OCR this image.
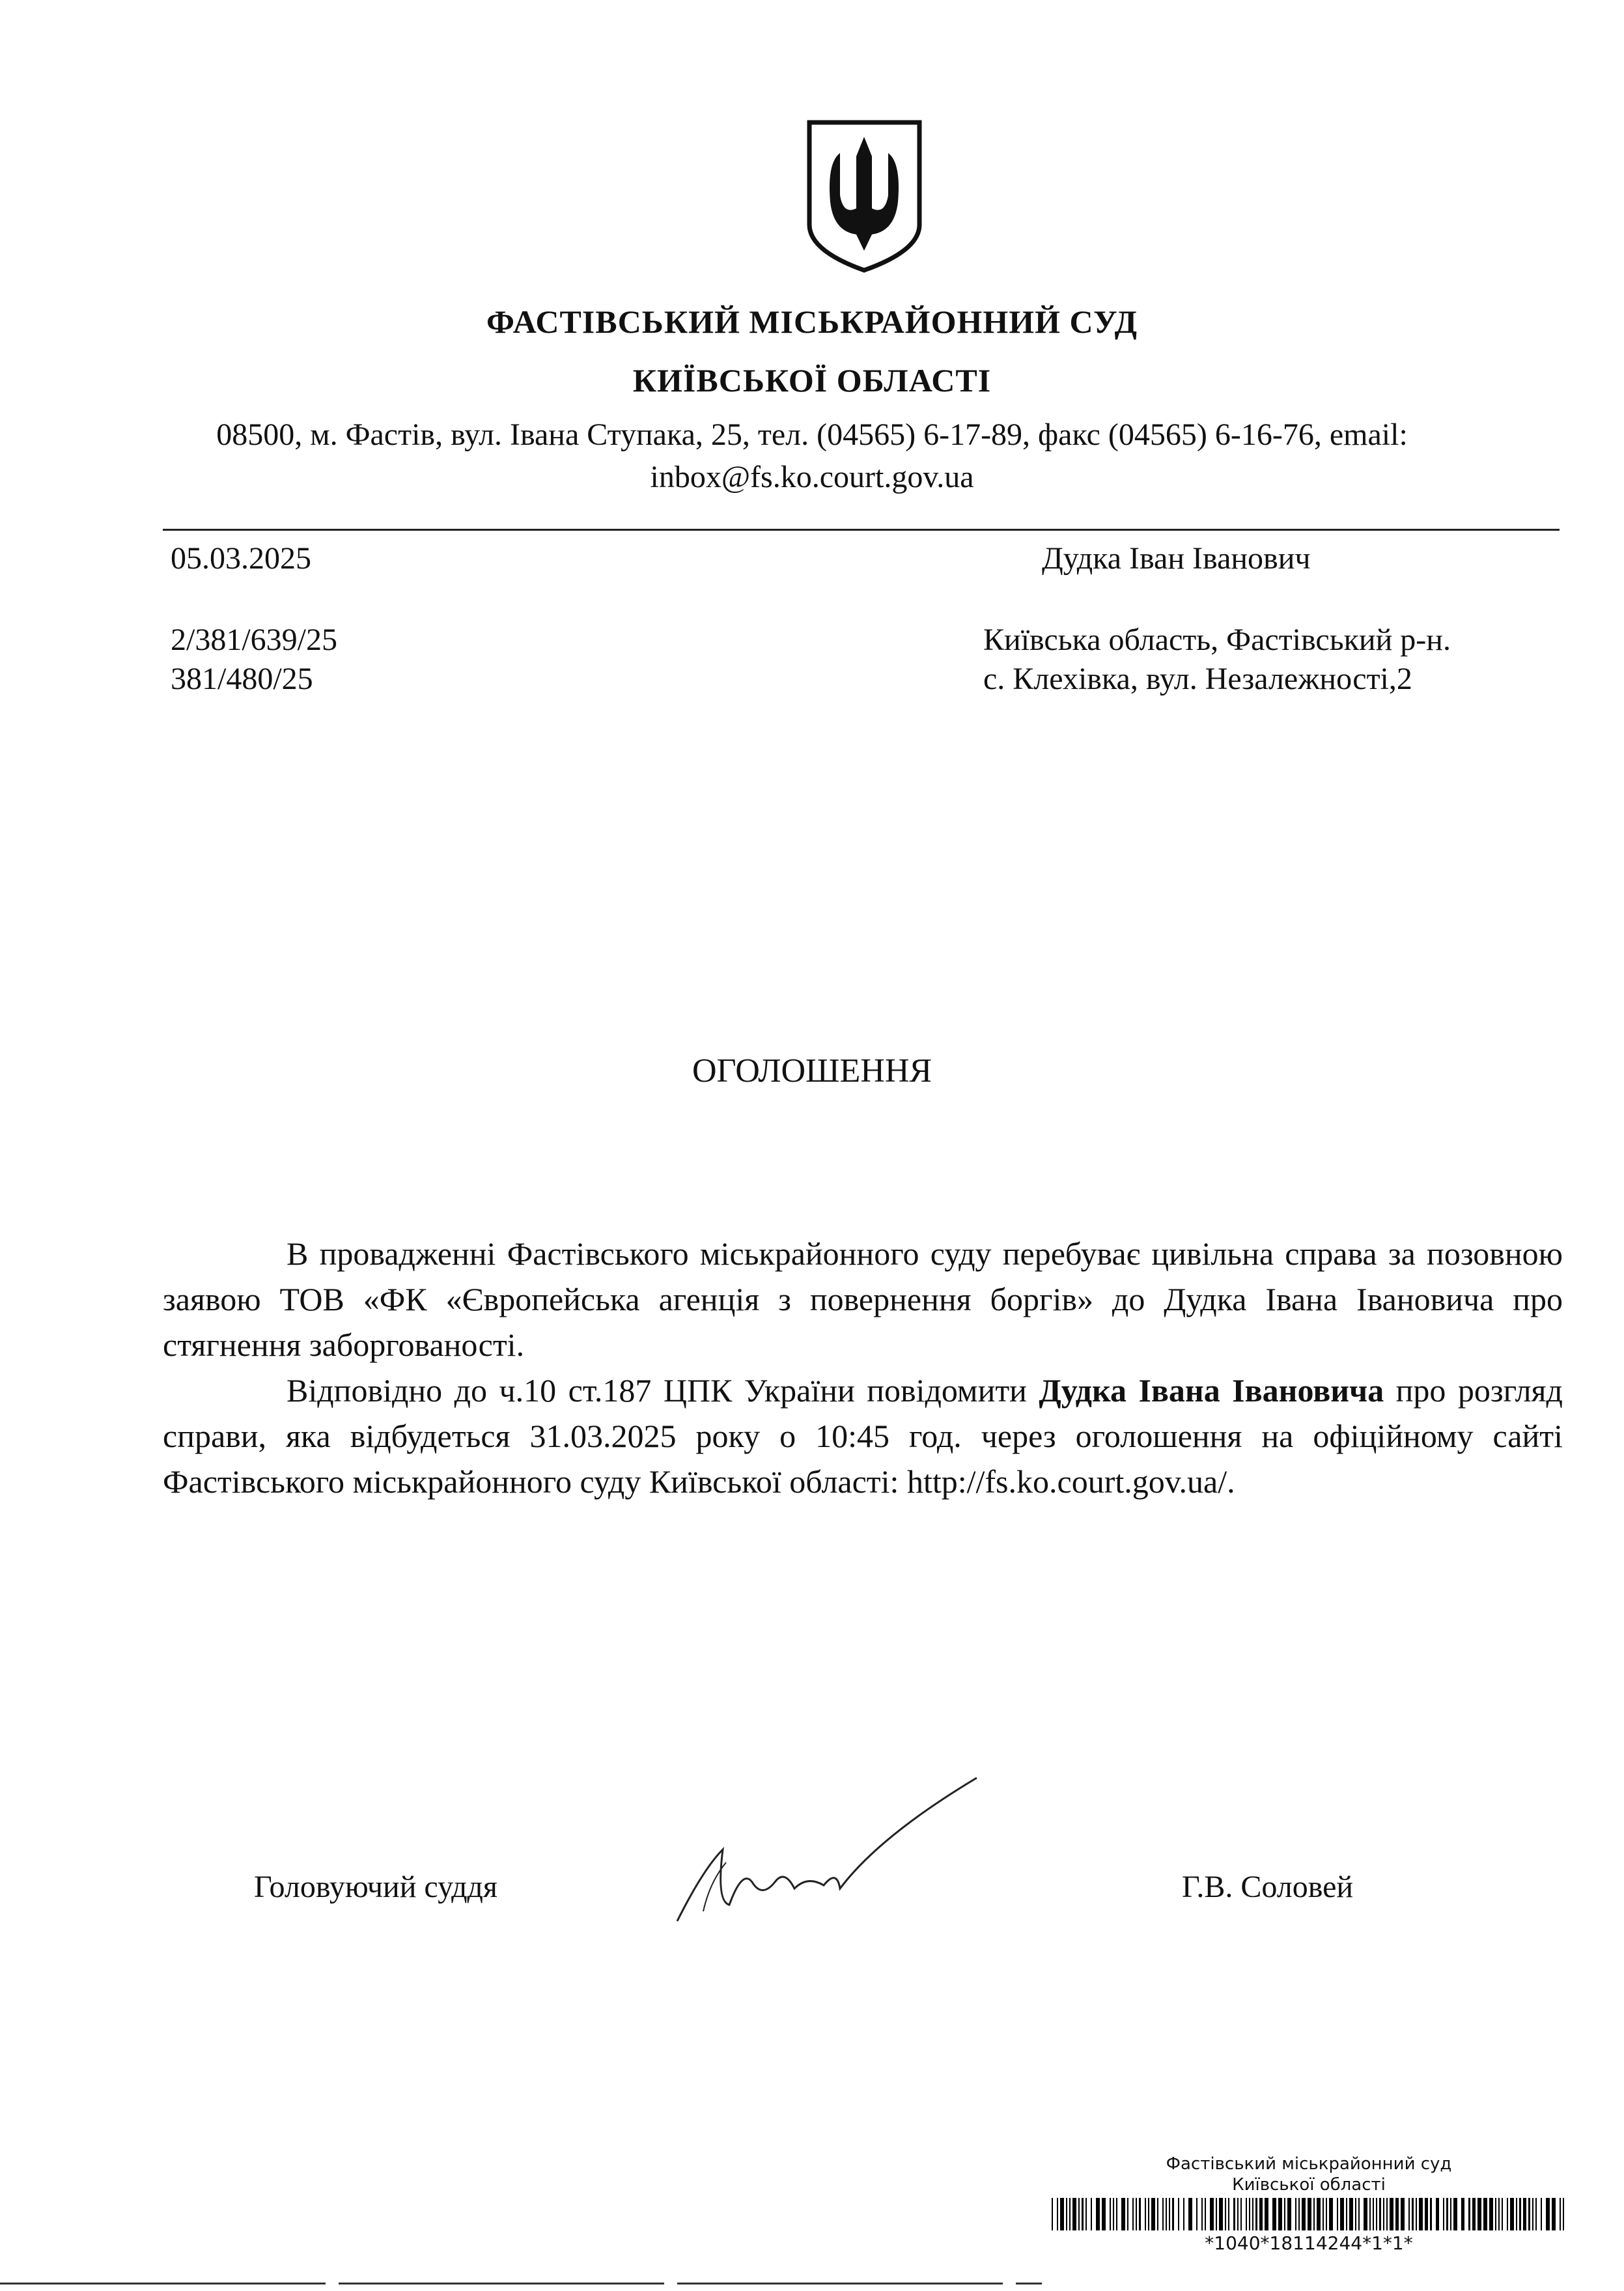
ФАСТІВСЬКИЙ МІСЬКРАЙОННИЙ СУД
КИЇВСЬКОЇ ОБЛАСТІ
08500, м. Фастів, вул. Івана Ступака, 25, тел. (04565) 6-17-89, факс (04565) 6-16-76, email:
inbox@fs.ko.court.gov.ua
05.03.2025
2/381/639/25
381/480/25
Дудка Іван Іванович
Київська область, Фастівський р-н.
с. Клехівка, вул. Незалежності,2
ОГОЛОШЕННЯ

В провадженні Фастівського міськрайонного суду перебуває цивільна справа за позовною заявою ТОВ «ФК «Європейська агенція з повернення боргів» до Дудка Івана Івановича про стягнення заборгованості.

Відповідно до ч.10 ст.187 ЦПК України повідомити Дудка Івана Івановича про розгляд справи, яка відбудеться 31.03.2025 року о 10:45 год. через оголошення на офіційному сайті Фастівського міськрайонного суду Київської області: http://fs.ko.court.gov.ua/.

Головуючий суддя	Г.В. Соловей
Фастівський міськрайонний суд
Київської області
*1040*18114244*1*1*
